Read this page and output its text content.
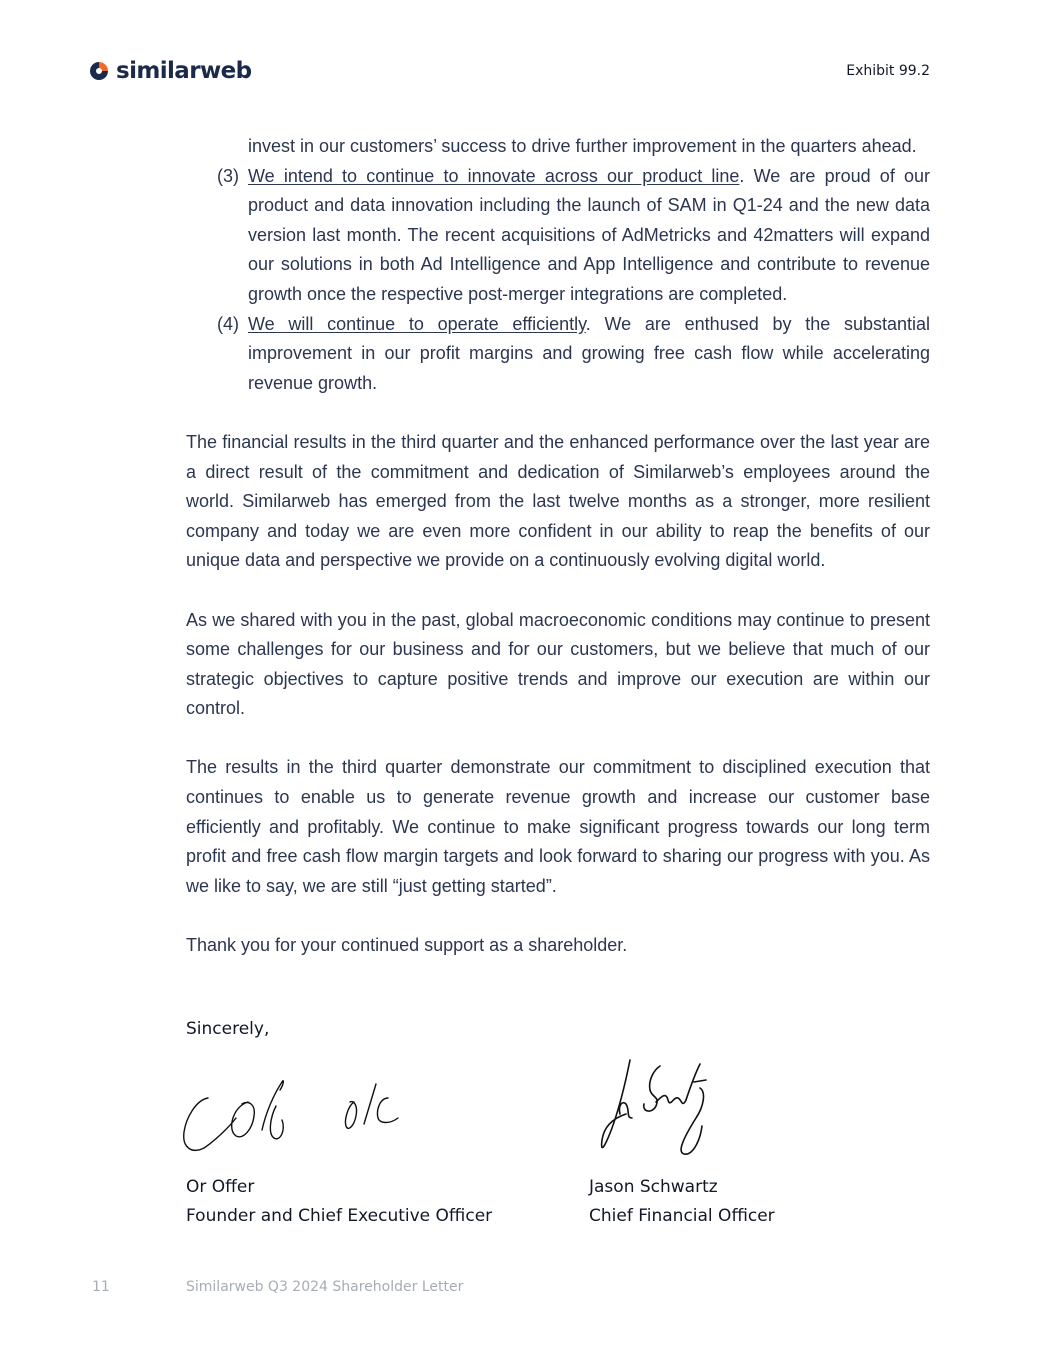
similarweb	Exhibit 99.2
invest in our customers’ success to drive further improvement in the quarters ahead.
(3) We intend to continue to innovate across our product line. We are proud of our product and data innovation including the launch of SAM in Q1-24 and the new data version last month. The recent acquisitions of AdMetricks and 42matters will expand our solutions in both Ad Intelligence and App Intelligence and contribute to revenue growth once the respective post-merger integrations are completed.
(4) We will continue to operate efficiently. We are enthused by the substantial improvement in our profit margins and growing free cash flow while accelerating revenue growth.

The financial results in the third quarter and the enhanced performance over the last year are a direct result of the commitment and dedication of Similarweb’s employees around the world. Similarweb has emerged from the last twelve months as a stronger, more resilient company and today we are even more confident in our ability to reap the benefits of our unique data and perspective we provide on a continuously evolving digital world.

As we shared with you in the past, global macroeconomic conditions may continue to present some challenges for our business and for our customers, but we believe that much of our strategic objectives to capture positive trends and improve our execution are within our control.

The results in the third quarter demonstrate our commitment to disciplined execution that continues to enable us to generate revenue growth and increase our customer base efficiently and profitably. We continue to make significant progress towards our long term profit and free cash flow margin targets and look forward to sharing our progress with you. As we like to say, we are still “just getting started”.

Thank you for your continued support as a shareholder.

Sincerely,
Or Offer
Founder and Chief Executive Officer
Jason Schwartz
Chief Financial Officer
11	Similarweb Q3 2024 Shareholder Letter
